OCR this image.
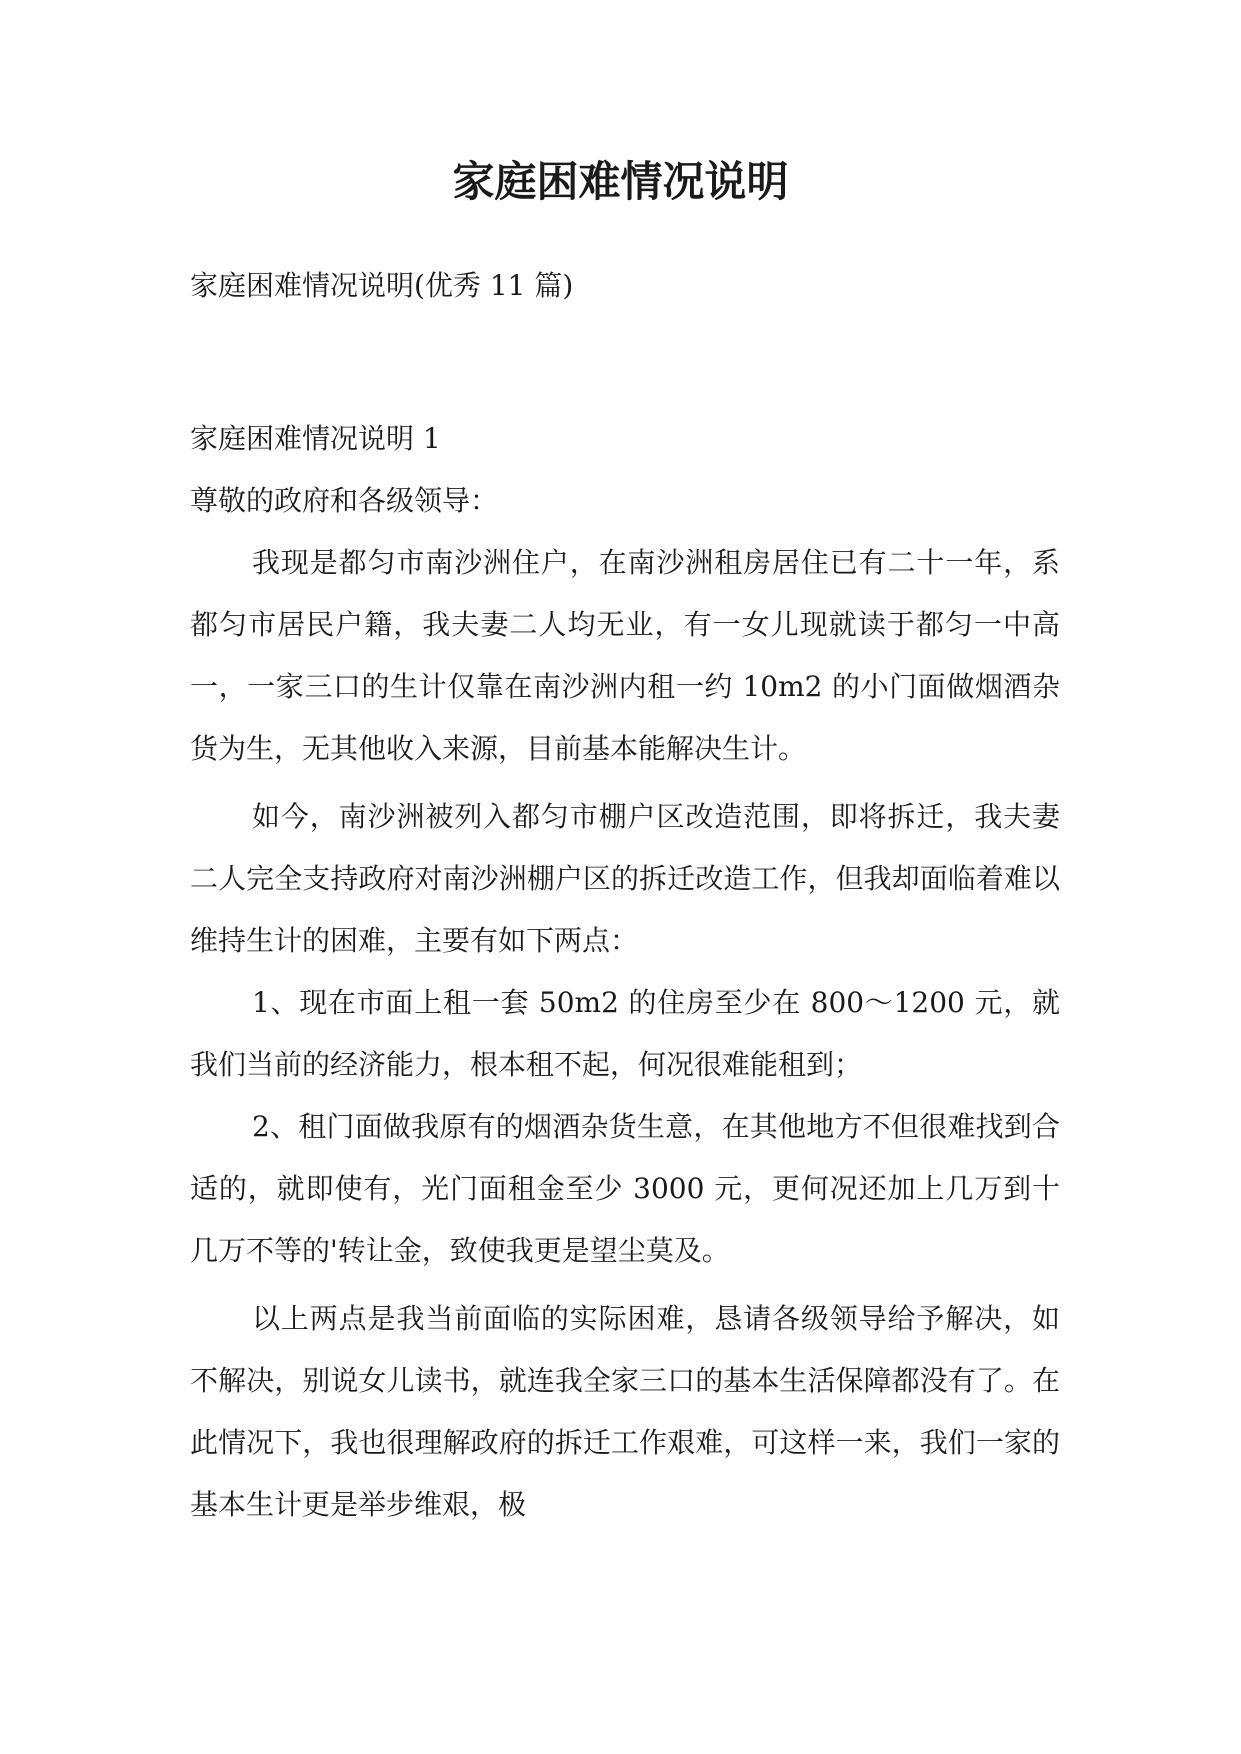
家庭困难情况说明

家庭困难情况说明(优秀 11 篇)

家庭困难情况说明 1

尊敬的政府和各级领导：

我现是都匀市南沙洲住户，在南沙洲租房居住已有二十一年，系都匀市居民户籍，我夫妻二人均无业，有一女儿现就读于都匀一中高一，一家三口的生计仅靠在南沙洲内租一约 10m2 的小门面做烟酒杂货为生，无其他收入来源，目前基本能解决生计。

如今，南沙洲被列入都匀市棚户区改造范围，即将拆迁，我夫妻二人完全支持政府对南沙洲棚户区的拆迁改造工作，但我却面临着难以维持生计的困难，主要有如下两点：

1、现在市面上租一套 50m2 的住房至少在 800～1200 元，就我们当前的经济能力，根本租不起，何况很难能租到；

2、租门面做我原有的烟酒杂货生意，在其他地方不但很难找到合适的，就即使有，光门面租金至少 3000 元，更何况还加上几万到十几万不等的'转让金，致使我更是望尘莫及。

以上两点是我当前面临的实际困难，恳请各级领导给予解决，如不解决，别说女儿读书，就连我全家三口的基本生活保障都没有了。在此情况下，我也很理解政府的拆迁工作艰难，可这样一来，我们一家的基本生计更是举步维艰，极
